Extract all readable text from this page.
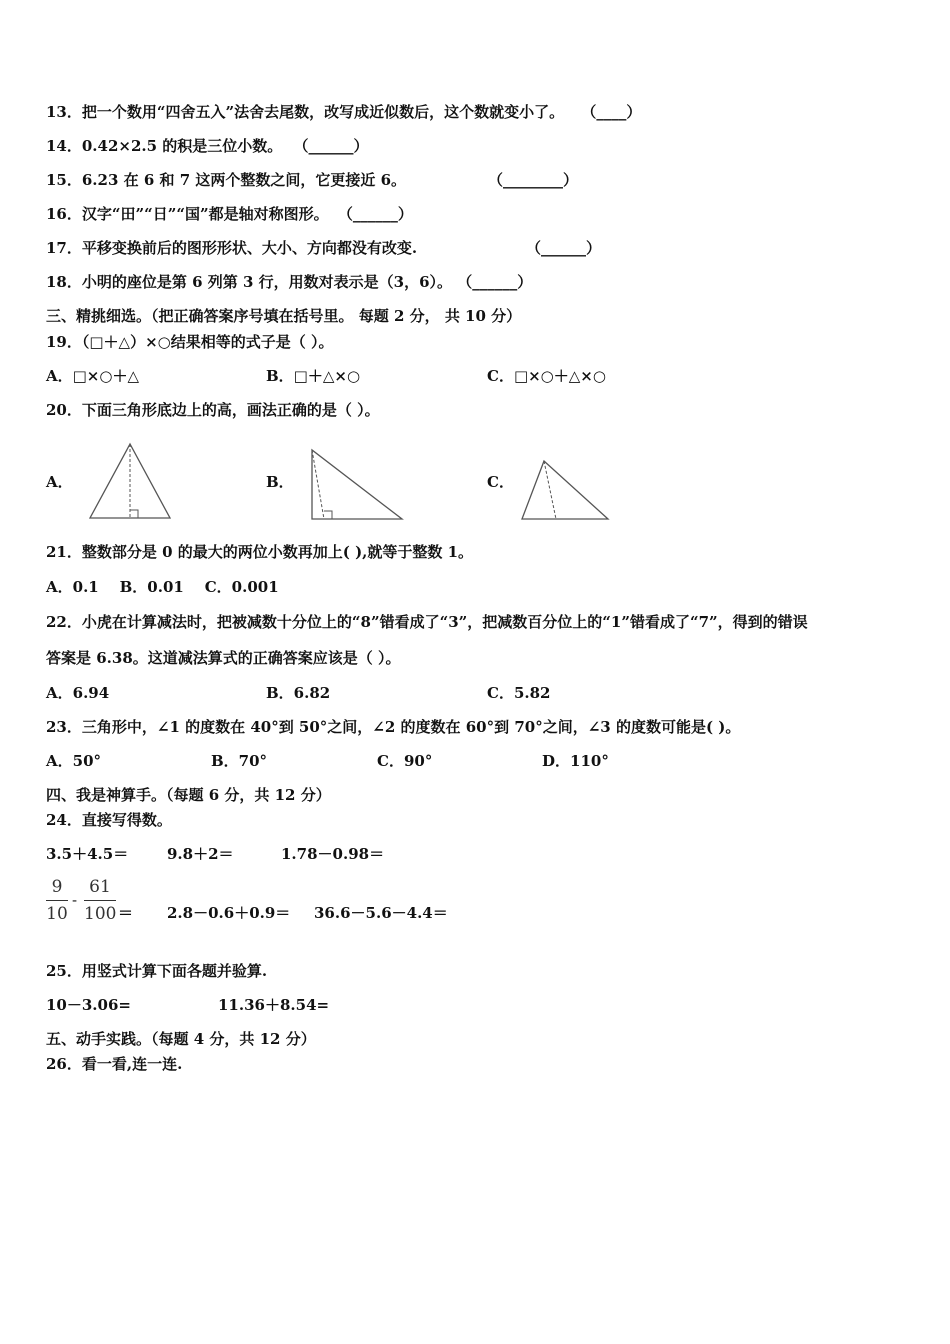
13．把一个数用“四舍五入”法舍去尾数，改写成近似数后，这个数就变小了。 （____）
14．0.42×2.5 的积是三位小数。 （______）
15．6.23 在 6 和 7 这两个整数之间，它更接近 6。	（________）
16．汉字“田”“日”“国”都是轴对称图形。 （______）
17．平移变换前后的图形形状、大小、方向都没有改变.	（______）
18．小明的座位是第 6 列第 3 行，用数对表示是（3，6）。 （______）
三、精挑细选。（把正确答案序号填在括号里。 每题 2 分， 共 10 分）
19．（□＋△）×○结果相等的式子是（ ）。
A．□×○＋△	B．□＋△×○	C．□×○＋△×○
20．下面三角形底边上的高，画法正确的是（ ）。
A．	B．	C．
21．整数部分是 0 的最大的两位小数再加上( ),就等于整数 1。
A．0.1    B．0.01    C．0.001
22．小虎在计算减法时，把被减数十分位上的“8”错看成了“3”，把减数百分位上的“1”错看成了“7”，得到的错误
答案是 6.38。这道减法算式的正确答案应该是（ ）。
A．6.94	B．6.82	C．5.82
23．三角形中，∠1 的度数在 40°到 50°之间，∠2 的度数在 60°到 70°之间，∠3 的度数可能是( )。
A．50°	B．70°	C．90°	D．110°
四、我是神算手。（每题 6 分，共 12 分）
24．直接写得数。
3.5＋4.5＝	9.8＋2＝	1.78－0.98＝
9
10
-
61
100 ＝ 2.8－0.6＋0.9＝ 36.6－5.6－4.4＝
25．用竖式计算下面各题并验算.
10－3.06=	11.36＋8.54=
五、动手实践。（每题 4 分，共 12 分）
26．看一看,连一连.
